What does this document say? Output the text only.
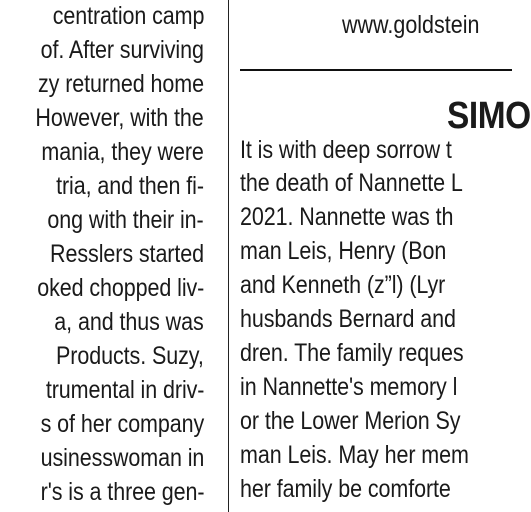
centration camp
of. After surviving
zy returned home
However, with the
mania, they were
tria, and then fi-
ong with their in-
Resslers started
oked chopped liv-
a, and thus was
Products. Suzy,
trumental in driv-
s of her company
usinesswoman in
r's is a three gen-
www.goldstein
SIMO
It is with deep sorrow t
the death of Nannette L
2021. Nannette was th
man Leis, Henry (Bon
and Kenneth (z”l) (Lyr
husbands Bernard and
dren. The family reques
in Nannette's memory l
or the Lower Merion Sy
man Leis. May her mem
her family be comforte
